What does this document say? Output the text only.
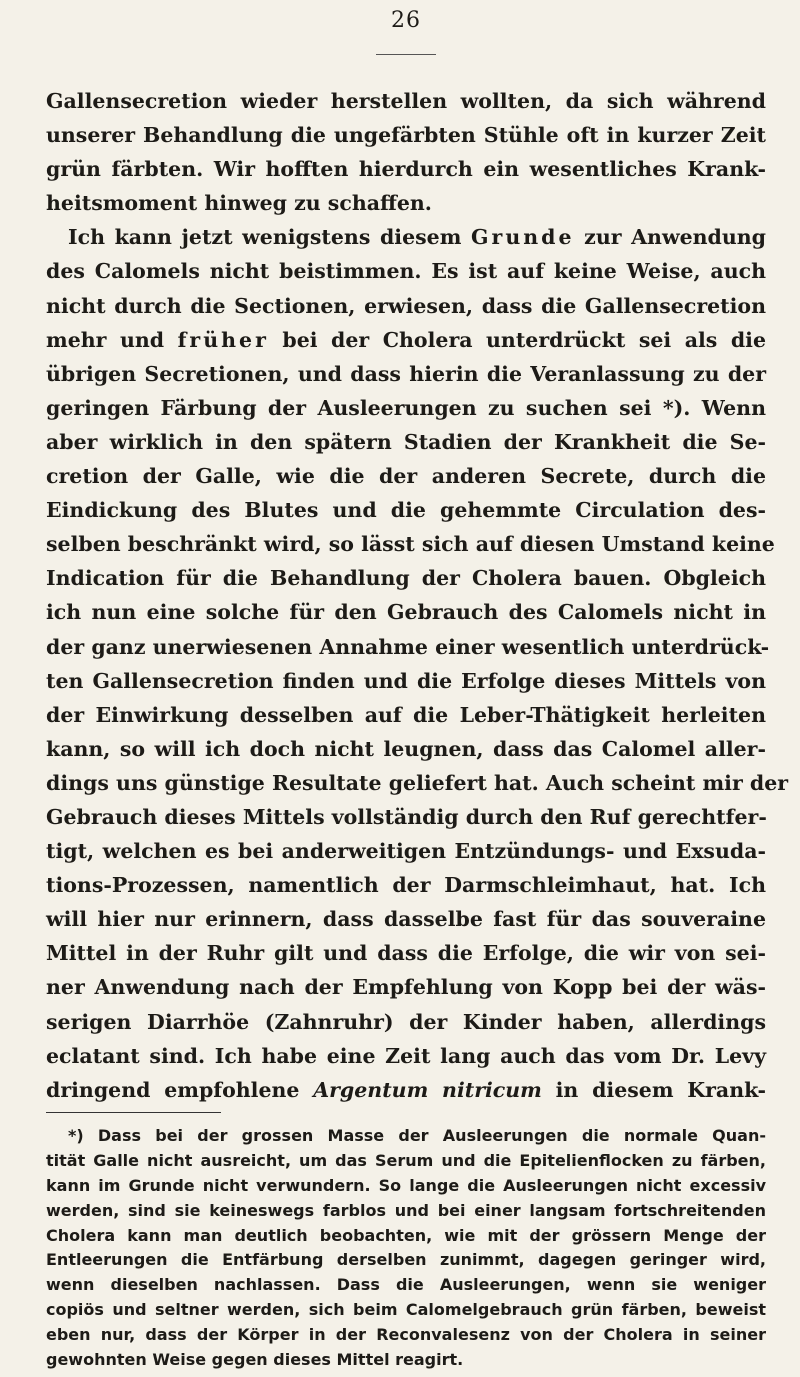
26
Gallensecretion wieder herstellen wollten, da sich während
unserer Behandlung die ungefärbten Stühle oft in kurzer Zeit
grün färbten. Wir hofften hierdurch ein wesentliches Krank-
heitsmoment hinweg zu schaffen.
Ich kann jetzt wenigstens diesem Grunde zur Anwendung
des Calomels nicht beistimmen. Es ist auf keine Weise, auch
nicht durch die Sectionen, erwiesen, dass die Gallensecretion
mehr und früher bei der Cholera unterdrückt sei als die
übrigen Secretionen, und dass hierin die Veranlassung zu der
geringen Färbung der Ausleerungen zu suchen sei *). Wenn
aber wirklich in den spätern Stadien der Krankheit die Se-
cretion der Galle, wie die der anderen Secrete, durch die
Eindickung des Blutes und die gehemmte Circulation des-
selben beschränkt wird, so lässt sich auf diesen Umstand keine
Indication für die Behandlung der Cholera bauen. Obgleich
ich nun eine solche für den Gebrauch des Calomels nicht in
der ganz unerwiesenen Annahme einer wesentlich unterdrück-
ten Gallensecretion finden und die Erfolge dieses Mittels von
der Einwirkung desselben auf die Leber-Thätigkeit herleiten
kann, so will ich doch nicht leugnen, dass das Calomel aller-
dings uns günstige Resultate geliefert hat. Auch scheint mir der
Gebrauch dieses Mittels vollständig durch den Ruf gerechtfer-
tigt, welchen es bei anderweitigen Entzündungs- und Exsuda-
tions-Prozessen, namentlich der Darmschleimhaut, hat. Ich
will hier nur erinnern, dass dasselbe fast für das souveraine
Mittel in der Ruhr gilt und dass die Erfolge, die wir von sei-
ner Anwendung nach der Empfehlung von Kopp bei der wäs-
serigen Diarrhöe (Zahnruhr) der Kinder haben, allerdings
eclatant sind. Ich habe eine Zeit lang auch das vom Dr. Levy
dringend empfohlene Argentum nitricum in diesem Krank-
*) Dass bei der grossen Masse der Ausleerungen die normale Quan-
tität Galle nicht ausreicht, um das Serum und die Epitelienflocken zu färben,
kann im Grunde nicht verwundern. So lange die Ausleerungen nicht excessiv
werden, sind sie keineswegs farblos und bei einer langsam fortschreitenden
Cholera kann man deutlich beobachten, wie mit der grössern Menge der
Entleerungen die Entfärbung derselben zunimmt, dagegen geringer wird,
wenn dieselben nachlassen. Dass die Ausleerungen, wenn sie weniger
copiös und seltner werden, sich beim Calomelgebrauch grün färben, beweist
eben nur, dass der Körper in der Reconvalesenz von der Cholera in seiner
gewohnten Weise gegen dieses Mittel reagirt.
